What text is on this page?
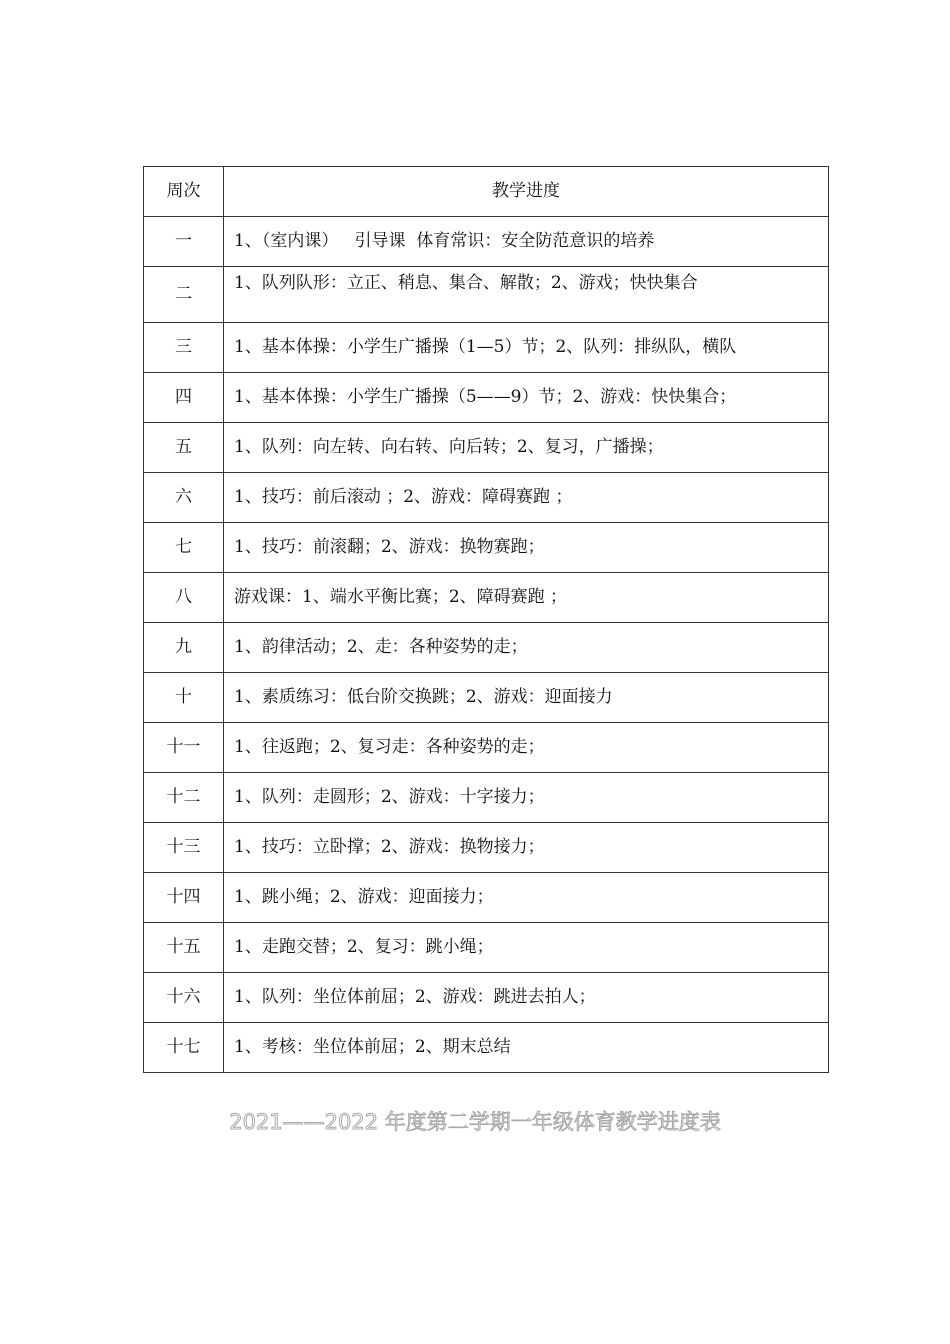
周次	教学进度
一	1、（室内课）   引导课  体育常识：安全防范意识的培养
二	1、队列队形：立正、稍息、集合、解散；2、游戏；快快集合
三	1、基本体操：小学生广播操（1—5）节；2、队列：排纵队，横队
四	1、基本体操：小学生广播操（5——9）节；2、游戏：快快集合；
五	1、队列：向左转、向右转、向后转；2、复习，广播操；
六	1、技巧：前后滚动 ；2、游戏：障碍赛跑 ；
七	1、技巧：前滚翻；2、游戏：换物赛跑；
八	游戏课：1、端水平衡比赛；2、障碍赛跑 ；
九	1、韵律活动；2、走：各种姿势的走；
十	1、素质练习：低台阶交换跳；2、游戏：迎面接力
十一	1、往返跑；2、复习走：各种姿势的走；
十二	1、队列：走圆形；2、游戏：十字接力；
十三	1、技巧：立卧撑；2、游戏：换物接力；
十四	1、跳小绳；2、游戏：迎面接力；
十五	1、走跑交替；2、复习：跳小绳；
十六	1、队列：坐位体前屈；2、游戏：跳进去拍人；
十七	1、考核：坐位体前屈；2、期末总结
2021——2022 年度第二学期一年级体育教学进度表
